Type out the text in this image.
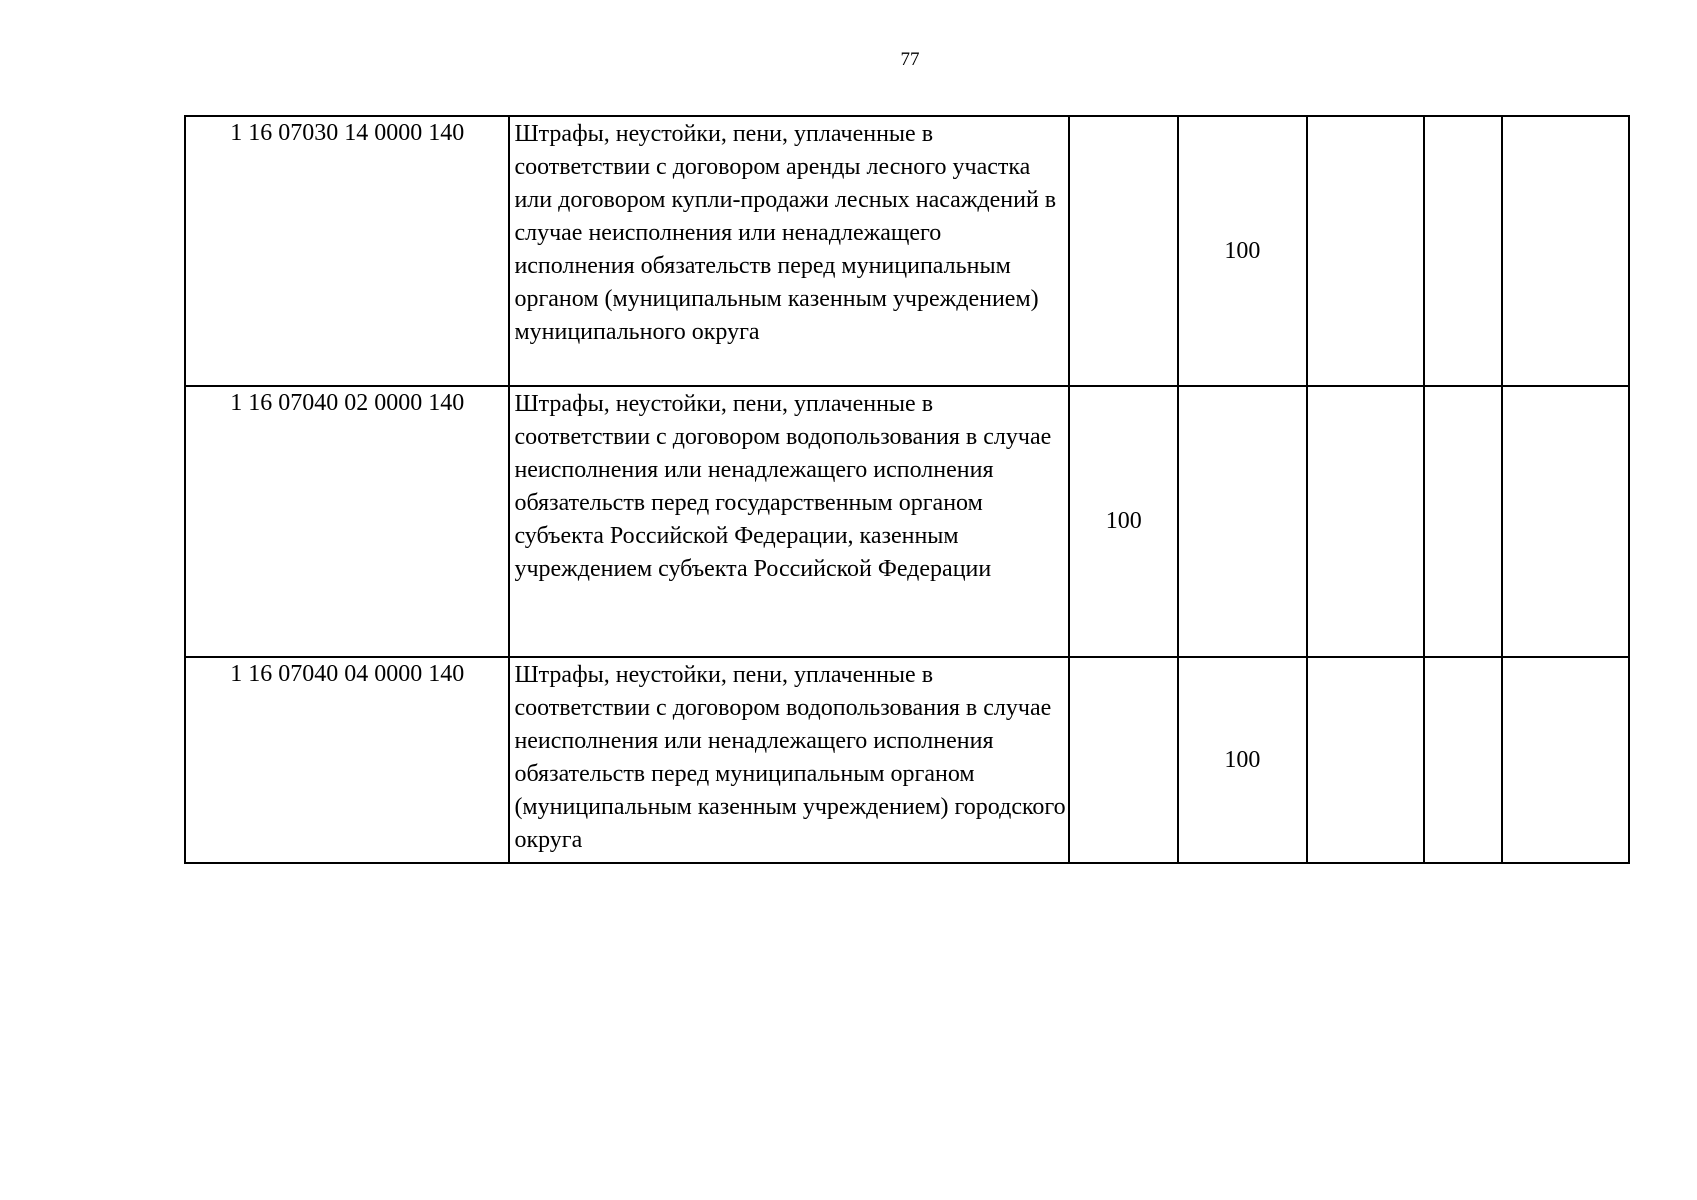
77
1 16 07030 14 0000 140	Штрафы, неустойки, пени, уплаченные в соответствии с договором аренды лесного участка или договором купли-продажи лесных насаждений в случае неисполнения или ненадлежащего исполнения обязательств перед муниципальным органом (муниципальным казенным учреждением) муниципального округа		100			
1 16 07040 02 0000 140	Штрафы, неустойки, пени, уплаченные в соответствии с договором водопользования в случае неисполнения или ненадлежащего исполнения обязательств перед государственным органом субъекта Российской Федерации, казенным учреждением субъекта Российской Федерации	100				
1 16 07040 04 0000 140	Штрафы, неустойки, пени, уплаченные в соответствии с договором водопользования в случае неисполнения или ненадлежащего исполнения обязательств перед муниципальным органом (муниципальным казенным учреждением) городского округа		100			
